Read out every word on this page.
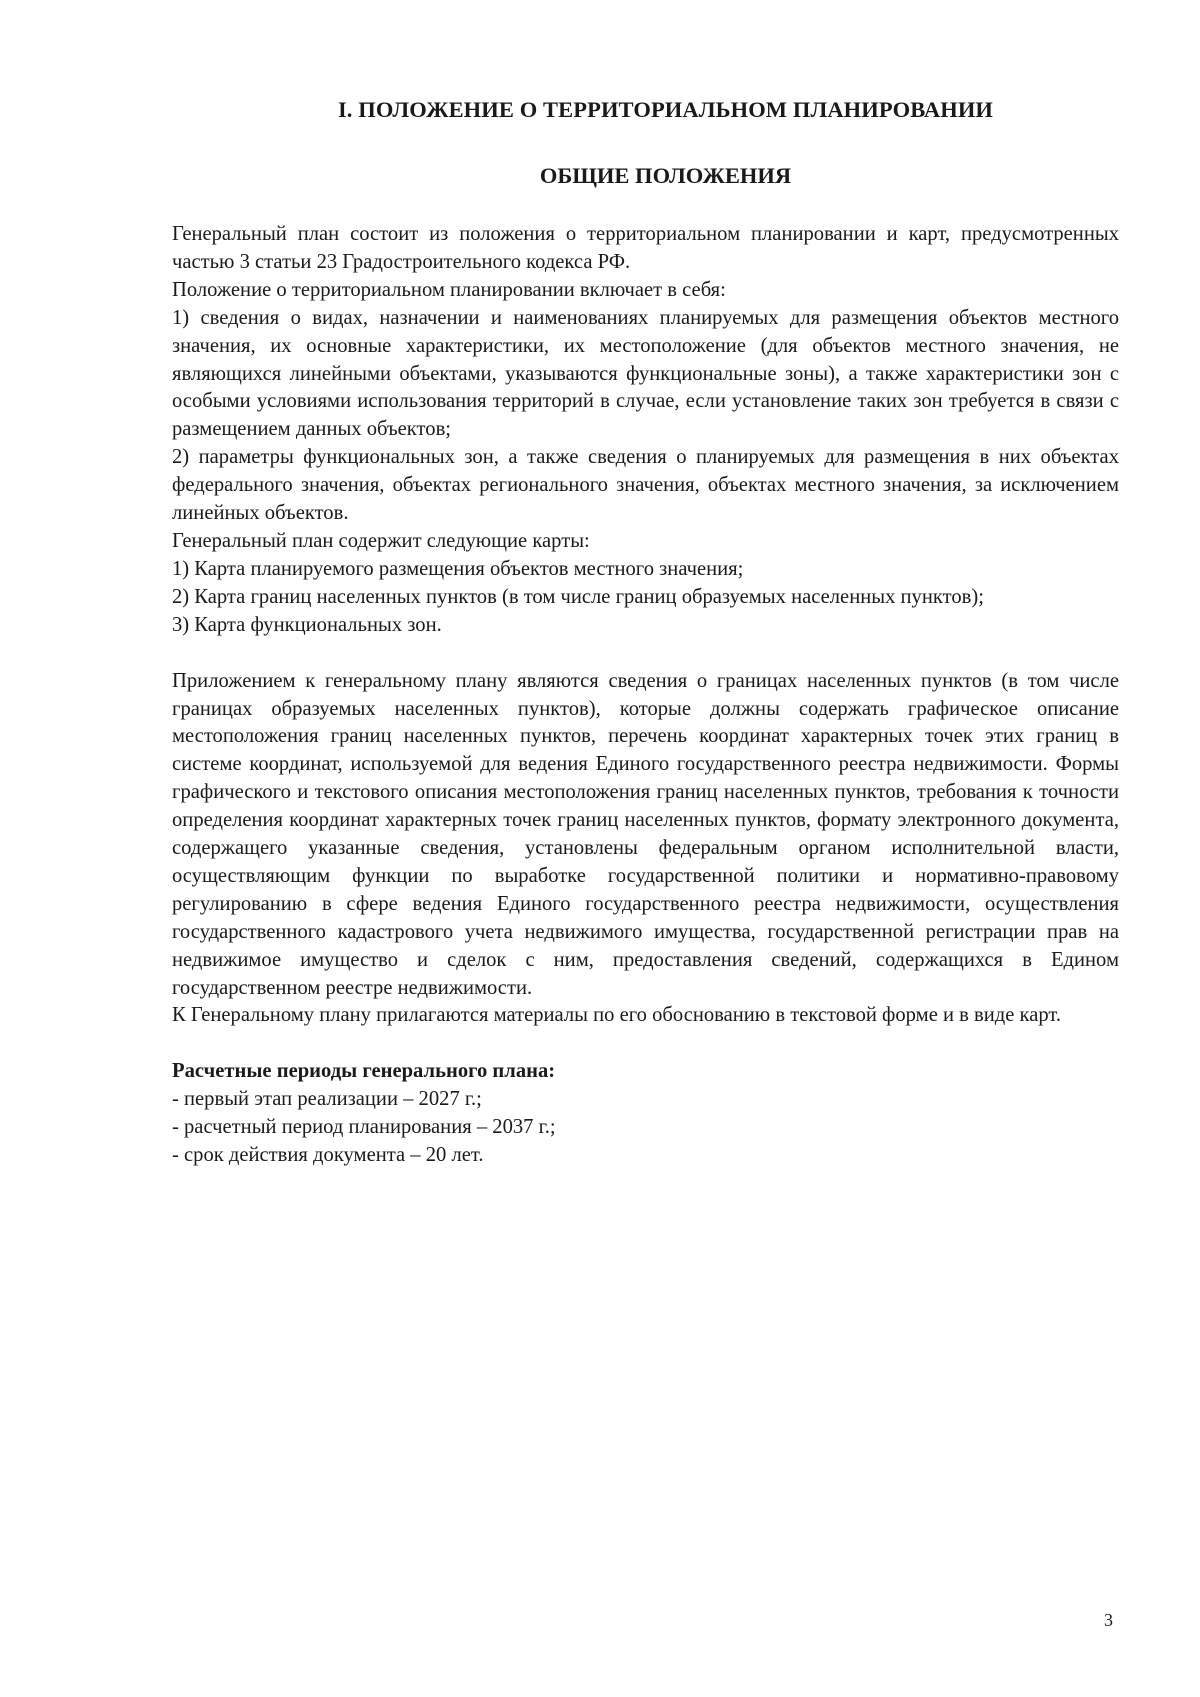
I. ПОЛОЖЕНИЕ О ТЕРРИТОРИАЛЬНОМ ПЛАНИРОВАНИИ
ОБЩИЕ ПОЛОЖЕНИЯ

Генеральный план состоит из положения о территориальном планировании и карт, предусмотренных частью 3 статьи 23 Градостроительного кодекса РФ.

Положение о территориальном планировании включает в себя:

1) сведения о видах, назначении и наименованиях планируемых для размещения объектов местного значения, их основные характеристики, их местоположение (для объектов местного значения, не являющихся линейными объектами, указываются функциональные зоны), а также характеристики зон с особыми условиями использования территорий в случае, если установление таких зон требуется в связи с размещением данных объектов;

2) параметры функциональных зон, а также сведения о планируемых для размещения в них объектах федерального значения, объектах регионального значения, объектах местного значения, за исключением линейных объектов.

Генеральный план содержит следующие карты:

1) Карта планируемого размещения объектов местного значения;

2) Карта границ населенных пунктов (в том числе границ образуемых населенных пунктов);

3) Карта функциональных зон.

Приложением к генеральному плану являются сведения о границах населенных пунктов (в том числе границах образуемых населенных пунктов), которые должны содержать графическое описание местоположения границ населенных пунктов, перечень координат характерных точек этих границ в системе координат, используемой для ведения Единого государственного реестра недвижимости. Формы графического и текстового описания местоположения границ населенных пунктов, требования к точности определения координат характерных точек границ населенных пунктов, формату электронного документа, содержащего указанные сведения, установлены федеральным органом исполнительной власти, осуществляющим функции по выработке государственной политики и нормативно-правовому регулированию в сфере ведения Единого государственного реестра недвижимости, осуществления государственного кадастрового учета недвижимого имущества, государственной регистрации прав на недвижимое имущество и сделок с ним, предоставления сведений, содержащихся в Едином государственном реестре недвижимости.

К Генеральному плану прилагаются материалы по его обоснованию в текстовой форме и в виде карт.

Расчетные периоды генерального плана:

- первый этап реализации – 2027 г.;

- расчетный период планирования – 2037 г.;

- срок действия документа – 20 лет.

3
